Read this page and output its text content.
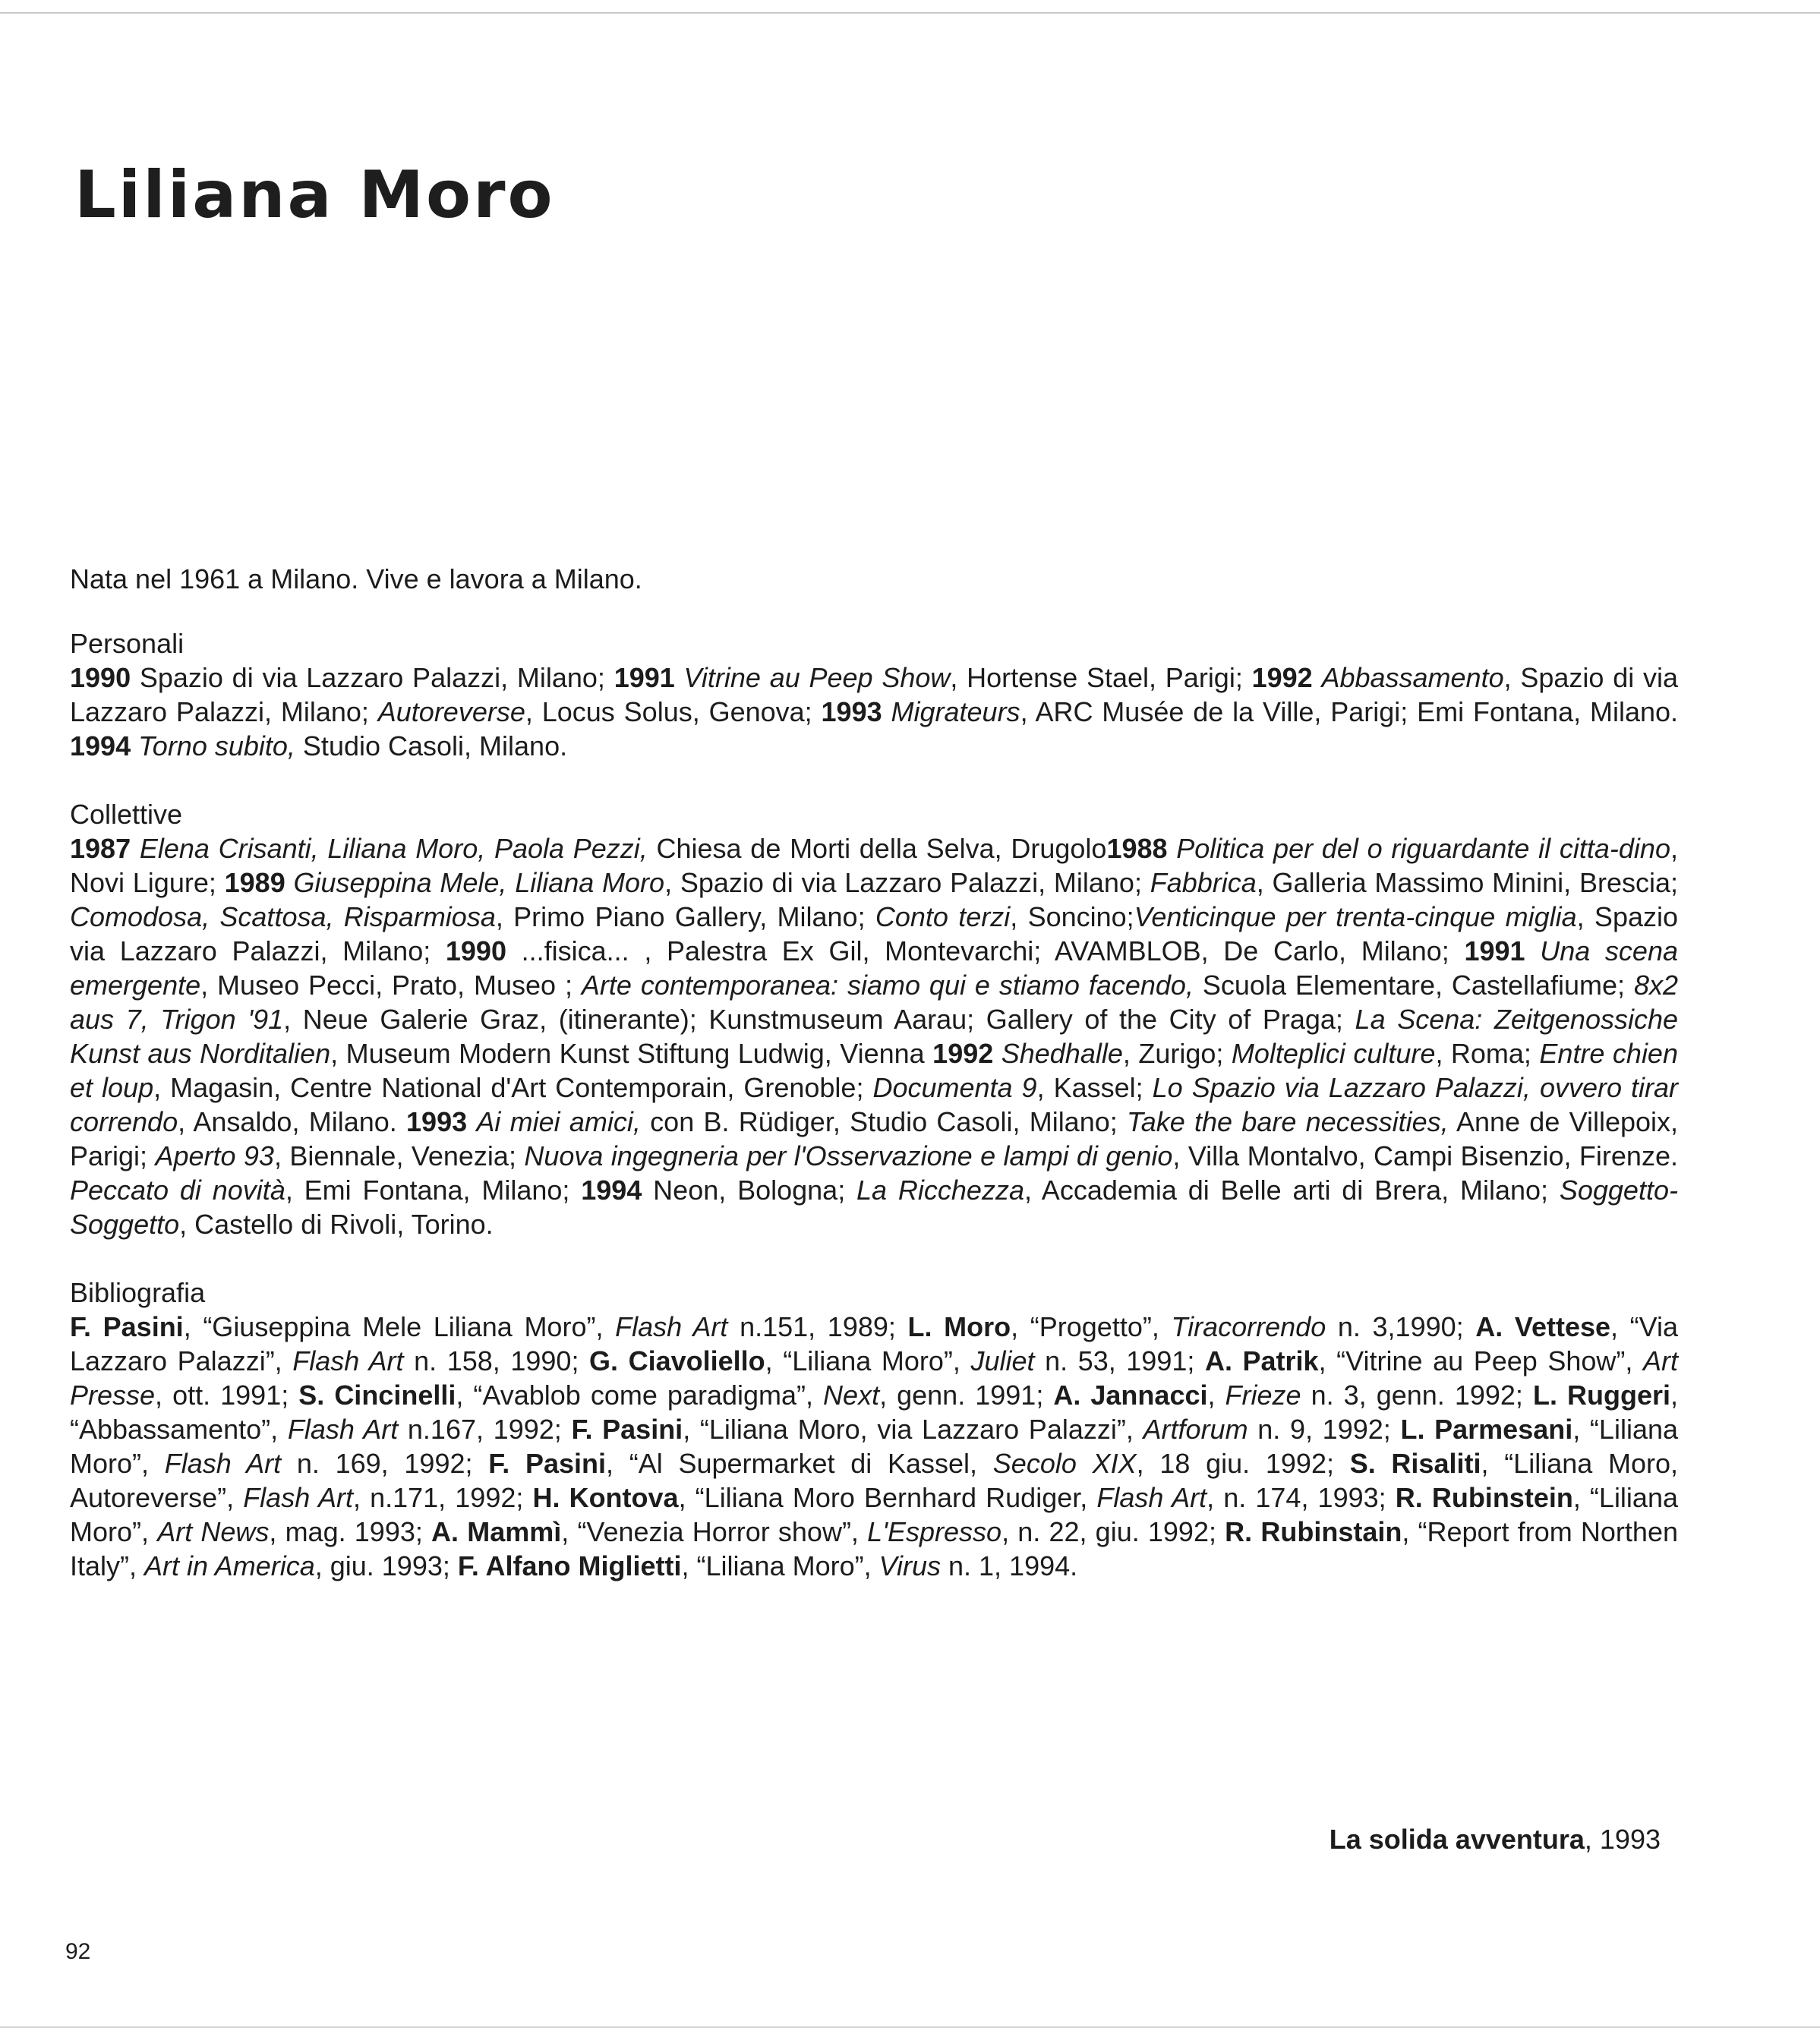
Liliana Moro

Nata nel 1961 a Milano. Vive e lavora a Milano.

Personali

1990 Spazio di via Lazzaro Palazzi, Milano; 1991 Vitrine au Peep Show, Hortense Stael, Parigi; 1992 Abbassamento, Spazio di via Lazzaro Palazzi, Milano; Autoreverse, Locus Solus, Genova; 1993 Migrateurs, ARC Musée de la Ville, Parigi; Emi Fontana, Milano. 1994 Torno subito, Studio Casoli, Milano.

Collettive

1987 Elena Crisanti, Liliana Moro, Paola Pezzi, Chiesa de Morti della Selva, Drugolo1988 Politica per del o riguardante il citta-dino, Novi Ligure; 1989 Giuseppina Mele, Liliana Moro, Spazio di via Lazzaro Palazzi, Milano; Fabbrica, Galleria Massimo Minini, Brescia; Comodosa, Scattosa, Risparmiosa, Primo Piano Gallery, Milano; Conto terzi, Soncino;Venticinque per trenta-cinque miglia, Spazio via Lazzaro Palazzi, Milano; 1990 ...fisica... , Palestra Ex Gil, Montevarchi; AVAMBLOB, De Carlo, Milano; 1991 Una scena emergente, Museo Pecci, Prato, Museo ; Arte contemporanea: siamo qui e stiamo facendo, Scuola Elementare, Castellafiume; 8x2 aus 7, Trigon '91, Neue Galerie Graz, (itinerante); Kunstmuseum Aarau; Gallery of the City of Praga; La Scena: Zeitgenossiche Kunst aus Norditalien, Museum Modern Kunst Stiftung Ludwig, Vienna 1992 Shedhalle, Zurigo; Molteplici culture, Roma; Entre chien et loup, Magasin, Centre National d'Art Contemporain, Grenoble; Documenta 9, Kassel; Lo Spazio via Lazzaro Palazzi, ovvero tirar correndo, Ansaldo, Milano. 1993 Ai miei amici, con B. Rüdiger, Studio Casoli, Milano; Take the bare necessities, Anne de Villepoix, Parigi; Aperto 93, Biennale, Venezia; Nuova ingegneria per l'Osservazione e lampi di genio, Villa Montalvo, Campi Bisenzio, Firenze. Peccato di novità, Emi Fontana, Milano; 1994 Neon, Bologna; La Ricchezza, Accademia di Belle arti di Brera, Milano; Soggetto-Soggetto, Castello di Rivoli, Torino.

Bibliografia

F. Pasini, “Giuseppina Mele Liliana Moro”, Flash Art n.151, 1989; L. Moro, “Progetto”, Tiracorrendo n. 3,1990; A. Vettese, “Via Lazzaro Palazzi”, Flash Art n. 158, 1990; G. Ciavoliello, “Liliana Moro”, Juliet n. 53, 1991; A. Patrik, “Vitrine au Peep Show”, Art Presse, ott. 1991; S. Cincinelli, “Avablob come paradigma”, Next, genn. 1991; A. Jannacci, Frieze n. 3, genn. 1992; L. Ruggeri, “Abbassamento”, Flash Art n.167, 1992; F. Pasini, “Liliana Moro, via Lazzaro Palazzi”, Artforum n. 9, 1992; L. Parmesani, “Liliana Moro”, Flash Art n. 169, 1992; F. Pasini, “Al Supermarket di Kassel, Secolo XIX, 18 giu. 1992; S. Risaliti, “Liliana Moro, Autoreverse”, Flash Art, n.171, 1992; H. Kontova, “Liliana Moro Bernhard Rudiger, Flash Art, n. 174, 1993; R. Rubinstein, “Liliana Moro”, Art News, mag. 1993; A. Mammì, “Venezia Horror show”, L'Espresso, n. 22, giu. 1992; R. Rubinstain, “Report from Northen Italy”, Art in America, giu. 1993; F. Alfano Miglietti, “Liliana Moro”, Virus n. 1, 1994.

La solida avventura, 1993

92
